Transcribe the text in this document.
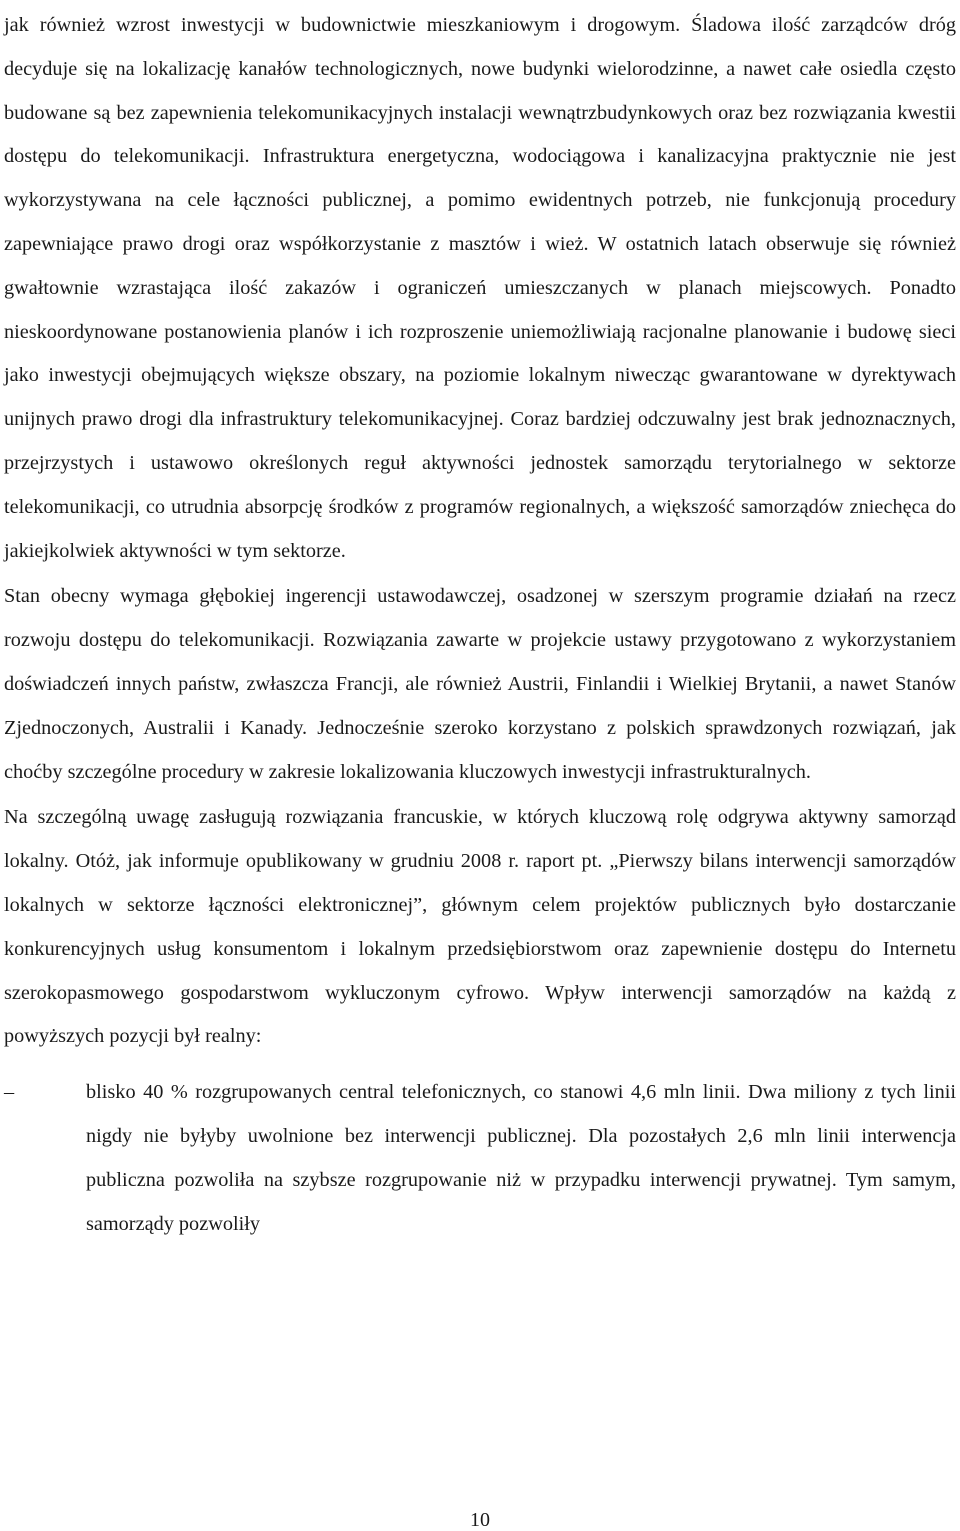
jak również wzrost inwestycji w budownictwie mieszkaniowym i drogowym. Śladowa ilość zarządców dróg decyduje się na lokalizację kanałów technologicznych, nowe budynki wielorodzinne, a nawet całe osiedla często budowane są bez zapewnienia telekomunikacyjnych instalacji wewnątrzbudynkowych oraz bez rozwiązania kwestii dostępu do telekomunikacji. Infrastruktura energetyczna, wodociągowa i kanalizacyjna praktycznie nie jest wykorzystywana na cele łączności publicznej, a pomimo ewidentnych potrzeb, nie funkcjonują procedury zapewniające prawo drogi oraz współkorzystanie z masztów i wież. W ostatnich latach obserwuje się również gwałtownie wzrastająca ilość zakazów i ograniczeń umieszczanych w planach miejscowych. Ponadto nieskoordynowane postanowienia planów i ich rozproszenie uniemożliwiają racjonalne planowanie i budowę sieci jako inwestycji obejmujących większe obszary, na poziomie lokalnym niwecząc gwarantowane w dyrektywach unijnych prawo drogi dla infrastruktury telekomunikacyjnej. Coraz bardziej odczuwalny jest brak jednoznacznych, przejrzystych i ustawowo określonych reguł aktywności jednostek samorządu terytorialnego w sektorze telekomunikacji, co utrudnia absorpcję środków z programów regionalnych, a większość samorządów zniechęca do jakiejkolwiek aktywności w tym sektorze.

Stan obecny wymaga głębokiej ingerencji ustawodawczej, osadzonej w szerszym programie działań na rzecz rozwoju dostępu do telekomunikacji. Rozwiązania zawarte w projekcie ustawy przygotowano z wykorzystaniem doświadczeń innych państw, zwłaszcza Francji, ale również Austrii, Finlandii i Wielkiej Brytanii, a nawet Stanów Zjednoczonych, Australii i Kanady. Jednocześnie szeroko korzystano z polskich sprawdzonych rozwiązań, jak choćby szczególne procedury w zakresie lokalizowania kluczowych inwestycji infrastrukturalnych.

Na szczególną uwagę zasługują rozwiązania francuskie, w których kluczową rolę odgrywa aktywny samorząd lokalny. Otóż, jak informuje opublikowany w grudniu 2008 r. raport pt. „Pierwszy bilans interwencji samorządów lokalnych w sektorze łączności elektronicznej”, głównym celem projektów publicznych było dostarczanie konkurencyjnych usług konsumentom i lokalnym przedsiębiorstwom oraz zapewnienie dostępu do Internetu szerokopasmowego gospodarstwom wykluczonym cyfrowo. Wpływ interwencji samorządów na każdą z powyższych pozycji był realny:

–	blisko 40 % rozgrupowanych central telefonicznych, co stanowi 4,6 mln linii. Dwa miliony z tych linii nigdy nie byłyby uwolnione bez interwencji publicznej. Dla pozostałych 2,6 mln linii interwencja publiczna pozwoliła na szybsze rozgrupowanie niż w przypadku interwencji prywatnej. Tym samym, samorządy pozwoliły
10
